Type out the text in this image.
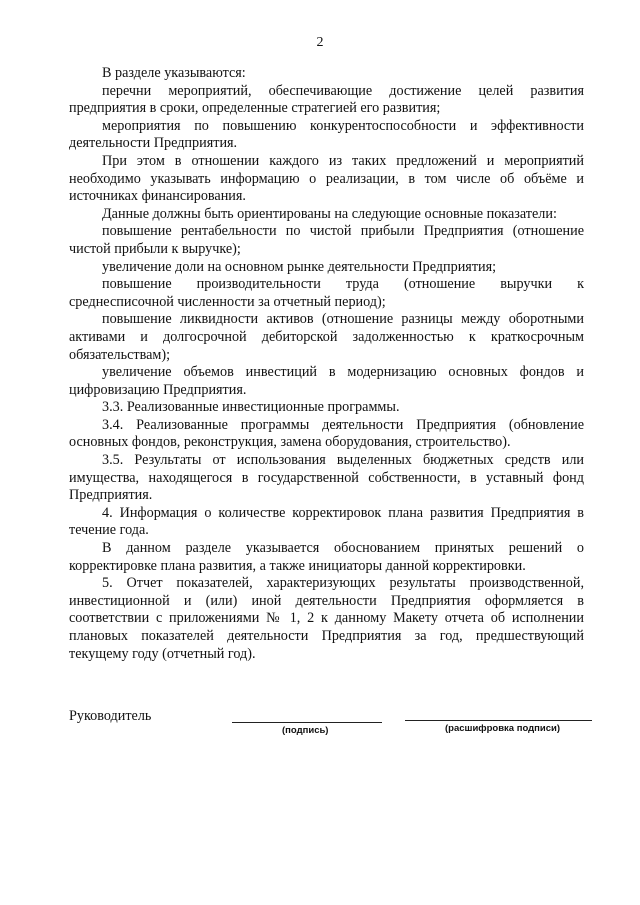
2

В разделе указываются:

перечни мероприятий, обеспечивающие достижение целей развития предприятия в сроки, определенные стратегией его развития;

мероприятия по повышению конкурентоспособности и эффективности деятельности Предприятия.

При этом в отношении каждого из таких предложений и мероприятий необходимо указывать информацию о реализации, в том числе об объёме и источниках финансирования.

Данные должны быть ориентированы на следующие основные показатели:

повышение рентабельности по чистой прибыли Предприятия (отношение чистой прибыли к выручке);

увеличение доли на основном рынке деятельности Предприятия;

повышение производительности труда (отношение выручки к среднесписочной численности за отчетный период);

повышение ликвидности активов (отношение разницы между оборотными активами и долгосрочной дебиторской задолженностью к краткосрочным обязательствам);

увеличение объемов инвестиций в модернизацию основных фондов и цифровизацию Предприятия.

3.3. Реализованные инвестиционные программы.

3.4. Реализованные программы деятельности Предприятия (обновление основных фондов, реконструкция, замена оборудования, строительство).

3.5. Результаты от использования выделенных бюджетных средств или имущества, находящегося в государственной собственности, в уставный фонд Предприятия.

4. Информация о количестве корректировок плана развития Предприятия в течение года.

В данном разделе указывается обоснованием принятых решений о корректировке плана развития, а также инициаторы данной корректировки.

5. Отчет показателей, характеризующих результаты производственной, инвестиционной и (или) иной деятельности Предприятия оформляется в соответствии с приложениями № 1, 2 к данному Макету отчета об исполнении плановых показателей деятельности Предприятия за год, предшествующий текущему году (отчетный год).

Руководитель
(подпись)	(расшифровка подписи)
